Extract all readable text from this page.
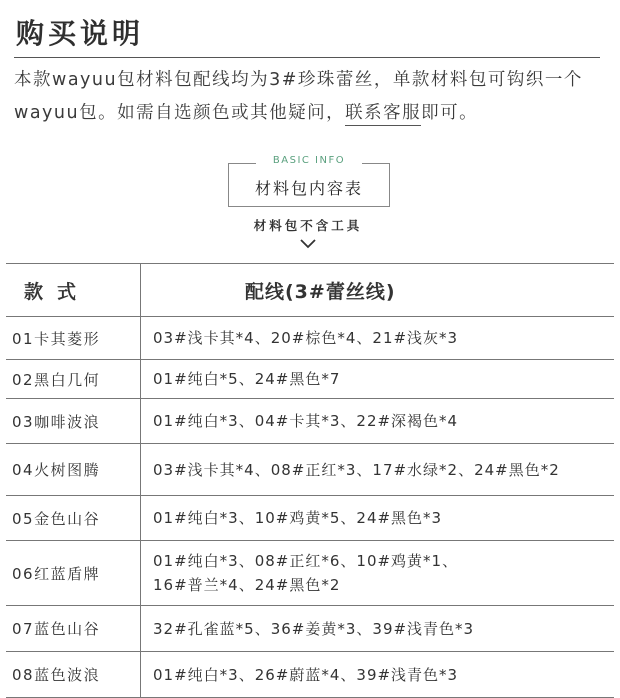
购买说明
本款wayuu包材料包配线均为3#珍珠蕾丝，单款材料包可钩织一个wayuu包。如需自选颜色或其他疑问，联系客服即可。
BASIC INFO
材料包内容表
材料包不含工具
款式	配线(3#蕾丝线)
01卡其菱形	03#浅卡其*4、20#棕色*4、21#浅灰*3
02黑白几何	01#纯白*5、24#黑色*7
03咖啡波浪	01#纯白*3、04#卡其*3、22#深褐色*4
04火树图腾	03#浅卡其*4、08#正红*3、17#水绿*2、24#黑色*2
05金色山谷	01#纯白*3、10#鸡黄*5、24#黑色*3
06红蓝盾牌	01#纯白*3、08#正红*6、10#鸡黄*1、
16#普兰*4、24#黑色*2

07蓝色山谷	32#孔雀蓝*5、36#姜黄*3、39#浅青色*3
08蓝色波浪	01#纯白*3、26#蔚蓝*4、39#浅青色*3
